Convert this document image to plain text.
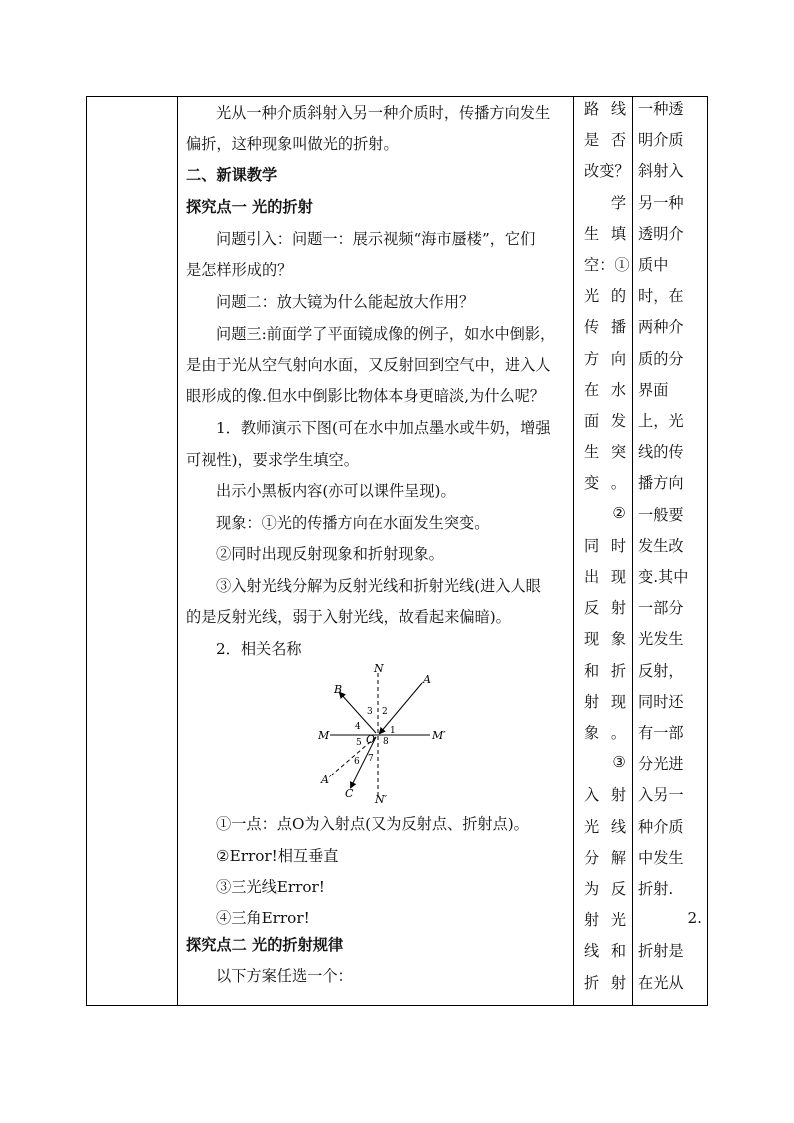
光从一种介质斜射入另一种介质时，传播方向发生

偏折，这种现象叫做光的折射。

二、新课教学

探究点一 光的折射

问题引入：问题一：展示视频“海市蜃楼”，它们

是怎样形成的？

问题二：放大镜为什么能起放大作用？

问题三:前面学了平面镜成像的例子，如水中倒影，

是由于光从空气射向水面，又反射回到空气中，进入人

眼形成的像.但水中倒影比物体本身更暗淡,为什么呢？

1．教师演示下图(可在水中加点墨水或牛奶，增强

可视性)，要求学生填空。

出示小黑板内容(亦可以课件呈现)。

现象：①光的传播方向在水面发生突变。

②同时出现反射现象和折射现象。

③入射光线分解为反射光线和折射光线(进入人眼

的是反射光线，弱于入射光线，故看起来偏暗)。

2．相关名称

N
N′
A
B
C
A′
M	M′
O
1
2
3
4
5
6 7
8

①一点：点O为入射点(又为反射点、折射点)。

②Error!相互垂直

③三光线Error!

④三角Error!

探究点二 光的折射规律

以下方案任选一个：

路线
是否
改变？
学
生填
空：①
光的
传播
方向
在水
面发
生突
变。
②
同时
出现
反射
现象
和折
射现
象。
③
入射
光线
分解
为反
射光
线和
折射
一种透
明介质
斜射入
另一种
透明介
质中
时，在
两种介
质的分
界面
上，光
线的传
播方向
一般要
发生改
变.其中
一部分
光发生
反射，
同时还
有一部
分光进
入另一
种介质
中发生
折射.
2.
折射是
在光从
